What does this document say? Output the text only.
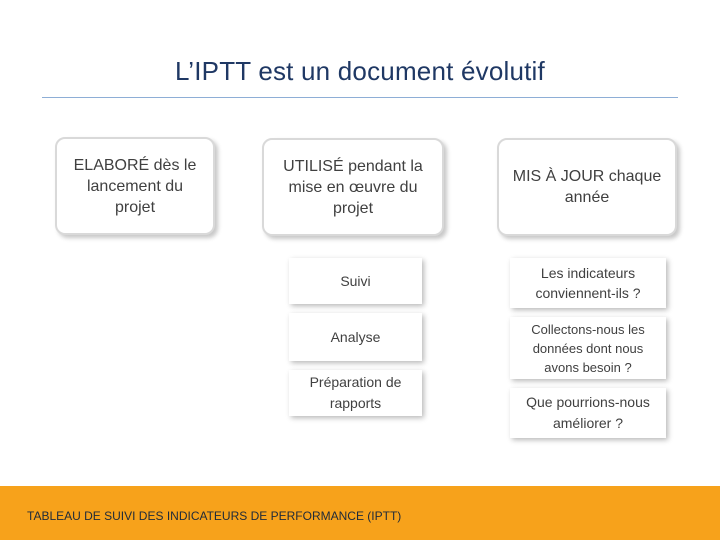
L’IPTT est un document évolutif
ELABORÉ dès le lancement du projet
UTILISÉ pendant la mise en œuvre du projet
MIS À JOUR chaque année
Suivi
Analyse
Préparation de rapports
Les indicateurs conviennent-ils ?
Collectons-nous les données dont nous avons besoin ?
Que pourrions-nous améliorer ?
TABLEAU DE SUIVI DES INDICATEURS DE PERFORMANCE (IPTT)
